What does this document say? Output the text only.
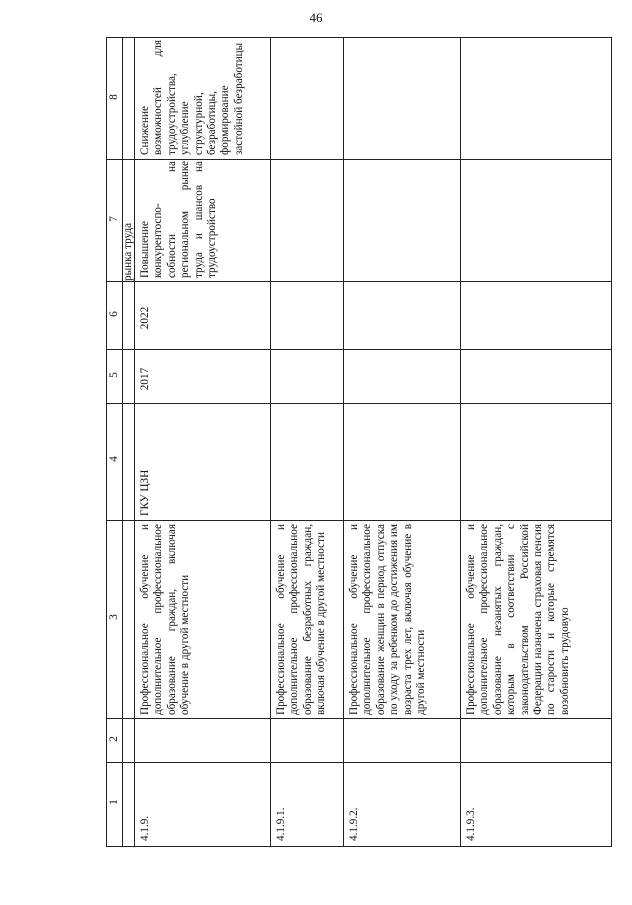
46
1
2
3
4
5
6
7
8
рынка труда
4.1.9.
Профессиональное обучение и дополнительное профессиональное образование граждан, включая обучение в другой местности
ГКУ ЦЗН
2017
2022
Повышение конкурентоспо-собности на региональном рынке труда и шансов на трудоустройство
Снижение возможностей для трудоустройства, углубление структурной, безработицы, формирование застойной безработицы
4.1.9.1.
Профессиональное обучение и дополнительное профессиональное образование безработных граждан, включая обучение в другой местности
4.1.9.2.
Профессиональное обучение и дополнительное профессиональное образование женщин в период отпуска по уходу за ребенком до достижения им возраста трех лет, включая обучение в другой местности
4.1.9.3.
Профессиональное обучение и дополнительное профессиональное образование незанятых граждан, которым в соответствии с законодательством Российской Федерации назначена страховая пенсия по старости и которые стремятся возобновить трудовую
